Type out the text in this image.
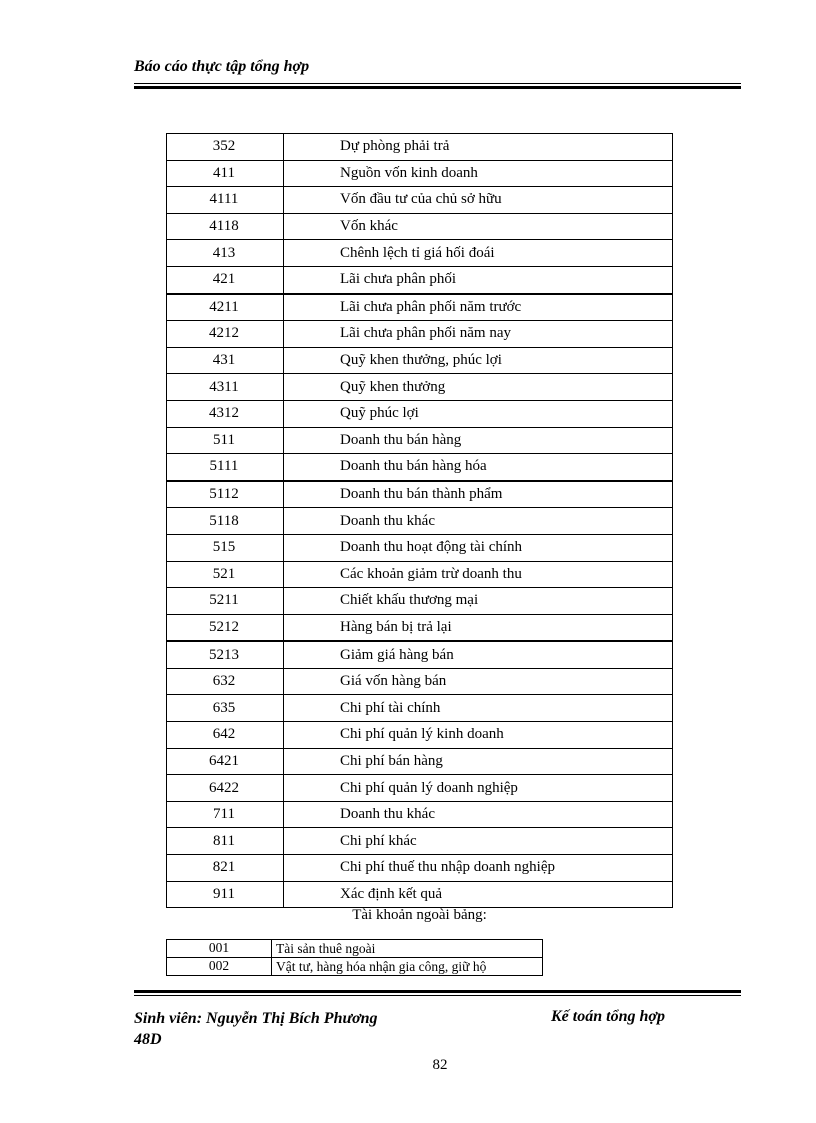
Báo cáo thực tập tổng hợp
352	Dự phòng phải trả
411	Nguồn vốn kinh doanh
4111	Vốn đầu tư của chủ sở hữu
4118	Vốn khác
413	Chênh lệch tỉ giá hối đoái
421	Lãi chưa phân phối
4211	Lãi chưa phân phối năm trước
4212	Lãi chưa phân phối năm nay
431	Quỹ khen thưởng, phúc lợi
4311	Quỹ khen thưởng
4312	Quỹ phúc lợi
511	Doanh thu bán hàng
5111	Doanh thu bán hàng hóa
5112	Doanh thu bán thành phẩm
5118	Doanh thu khác
515	Doanh thu hoạt động tài chính
521	Các khoản giảm trừ doanh thu
5211	Chiết khấu thương mại
5212	Hàng bán bị trả lại
5213	Giảm giá hàng bán
632	Giá vốn hàng bán
635	Chi phí tài chính
642	Chi phí quản lý kinh doanh
6421	Chi phí bán hàng
6422	Chi phí quản lý doanh nghiệp
711	Doanh thu khác
811	Chi phí khác
821	Chi phí thuế thu nhập doanh nghiệp
911	Xác định kết quả
Tài khoản ngoài bảng:
001	Tài sản thuê ngoài
002	Vật tư, hàng hóa nhận gia công, giữ hộ
Sinh viên: Nguyễn Thị Bích Phương
48D
Kế toán tổng hợp
82
